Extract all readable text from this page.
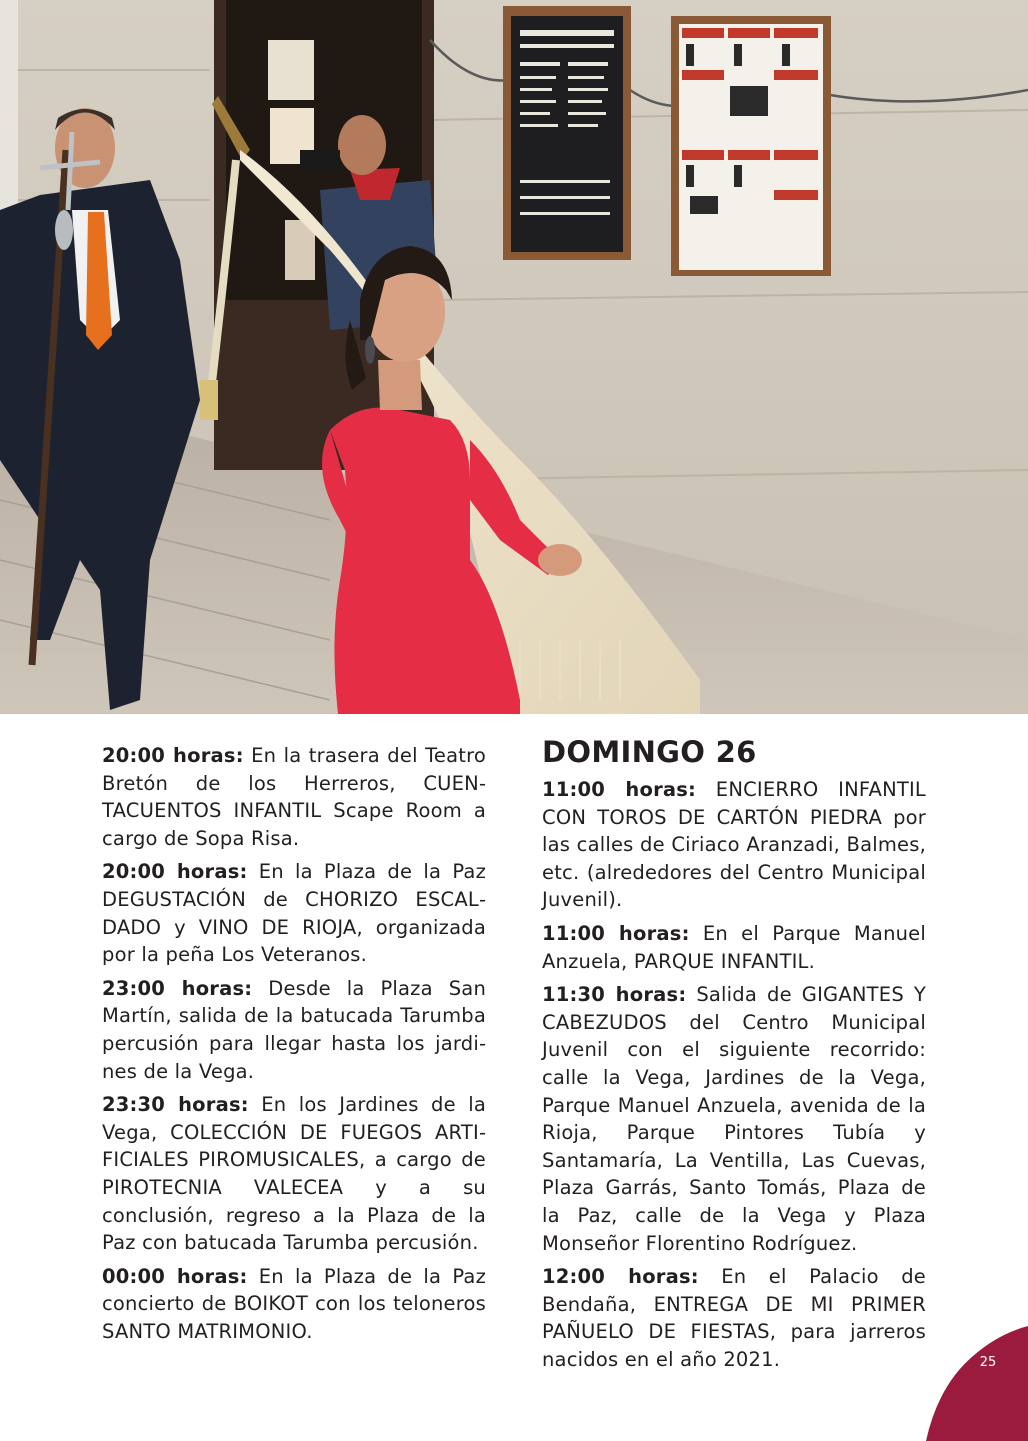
20:00 horas: En la trasera del Teatro Bretón de los Herreros, CUENTACUENTOS INFANTIL Scape Room a cargo de Sopa Risa.

20:00 horas: En la Plaza de la Paz DEGUSTACIÓN de CHORIZO ESCALDADO y VINO DE RIOJA, organizada por la peña Los Veteranos.

23:00 horas: Desde la Plaza San Martín, salida de la batucada Tarumba percusión para llegar hasta los jardines de la Vega.

23:30 horas: En los Jardines de la Vega, COLECCIÓN DE FUEGOS ARTIFICIALES PIROMUSICALES, a cargo de PIROTECNIA VALECEA y a su conclusión, regreso a la Plaza de la Paz con batucada Tarumba percusión.

00:00 horas: En la Plaza de la Paz concierto de BOIKOT con los teloneros SANTO MATRIMONIO.

DOMINGO 26

11:00 horas: ENCIERRO INFANTIL CON TOROS DE CARTÓN PIEDRA por las calles de Ciriaco Aranzadi, Balmes, etc. (alrededores del Centro Municipal Juvenil).

11:00 horas: En el Parque Manuel Anzuela, PARQUE INFANTIL.

11:30 horas: Salida de GIGANTES Y CABEZUDOS del Centro Municipal Juvenil con el siguiente recorrido: calle la Vega, Jardines de la Vega, Parque Manuel Anzuela, avenida de la Rioja, Parque Pintores Tubía y Santamaría, La Ventilla, Las Cuevas, Plaza Garrás, Santo Tomás, Plaza de la Paz, calle de la Vega y Plaza Monseñor Florentino Rodríguez.

12:00 horas: En el Palacio de Bendaña, ENTREGA DE MI PRIMER PAÑUELO DE FIESTAS, para jarreros nacidos en el año 2021.	25
